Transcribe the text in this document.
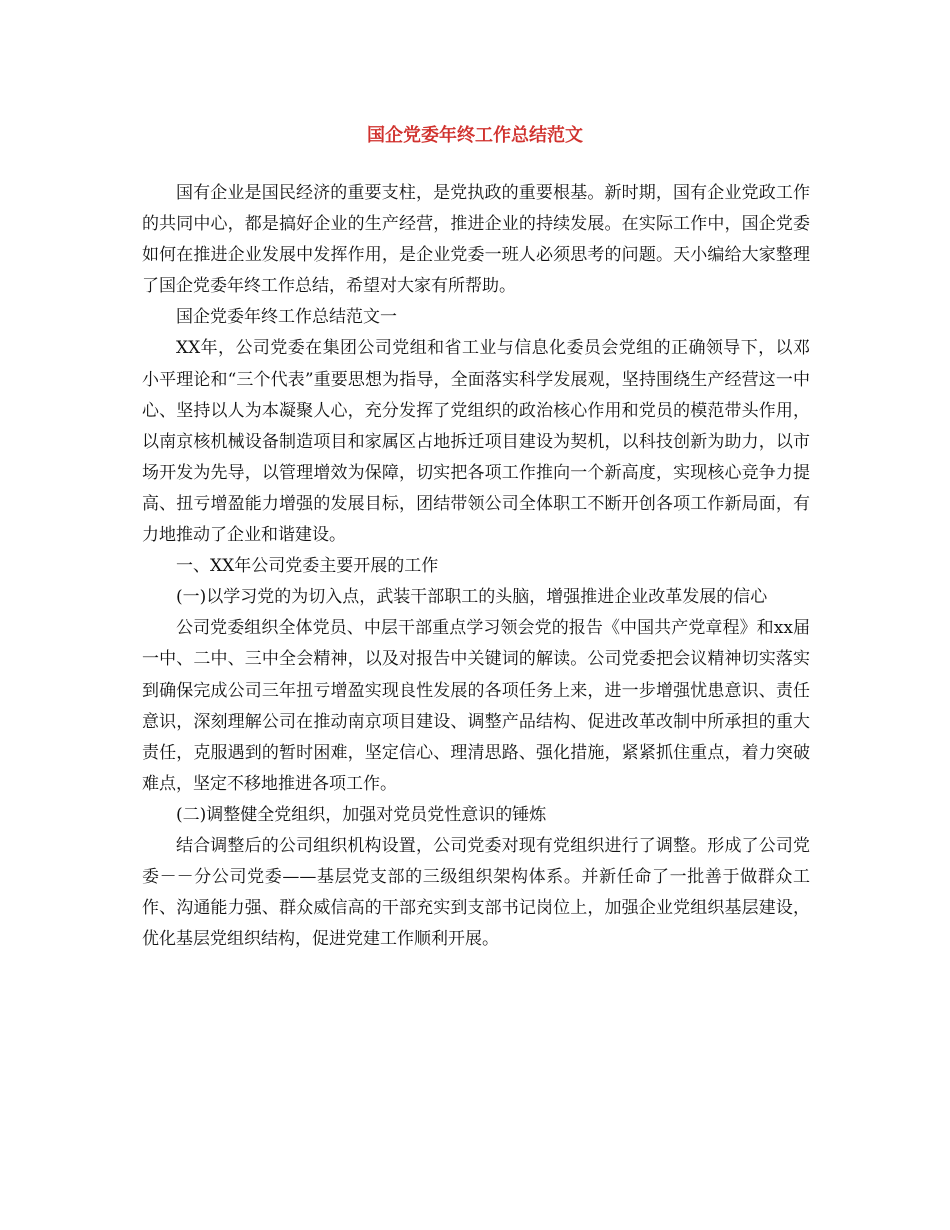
国企党委年终工作总结范文

国有企业是国民经济的重要支柱，是党执政的重要根基。新时期，国有企业党政工作的共同中心，都是搞好企业的生产经营，推进企业的持续发展。在实际工作中，国企党委如何在推进企业发展中发挥作用，是企业党委一班人必须思考的问题。天小编给大家整理了国企党委年终工作总结，希望对大家有所帮助。

国企党委年终工作总结范文一

XX年，公司党委在集团公司党组和省工业与信息化委员会党组的正确领导下，以邓小平理论和“三个代表”重要思想为指导，全面落实科学发展观，坚持围绕生产经营这一中心、坚持以人为本凝聚人心，充分发挥了党组织的政治核心作用和党员的模范带头作用，以南京核机械设备制造项目和家属区占地拆迁项目建设为契机，以科技创新为助力，以市场开发为先导，以管理增效为保障，切实把各项工作推向一个新高度，实现核心竞争力提高、扭亏增盈能力增强的发展目标，团结带领公司全体职工不断开创各项工作新局面，有力地推动了企业和谐建设。

一、XX年公司党委主要开展的工作

(一)以学习党的为切入点，武装干部职工的头脑，增强推进企业改革发展的信心

公司党委组织全体党员、中层干部重点学习领会党的报告《中国共产党章程》和xx届一中、二中、三中全会精神，以及对报告中关键词的解读。公司党委把会议精神切实落实到确保完成公司三年扭亏增盈实现良性发展的各项任务上来，进一步增强忧患意识、责任意识，深刻理解公司在推动南京项目建设、调整产品结构、促进改革改制中所承担的重大责任，克服遇到的暂时困难，坚定信心、理清思路、强化措施，紧紧抓住重点，着力突破难点，坚定不移地推进各项工作。

(二)调整健全党组织，加强对党员党性意识的锤炼

结合调整后的公司组织机构设置，公司党委对现有党组织进行了调整。形成了公司党委－－分公司党委——基层党支部的三级组织架构体系。并新任命了一批善于做群众工作、沟通能力强、群众威信高的干部充实到支部书记岗位上，加强企业党组织基层建设，优化基层党组织结构，促进党建工作顺利开展。
